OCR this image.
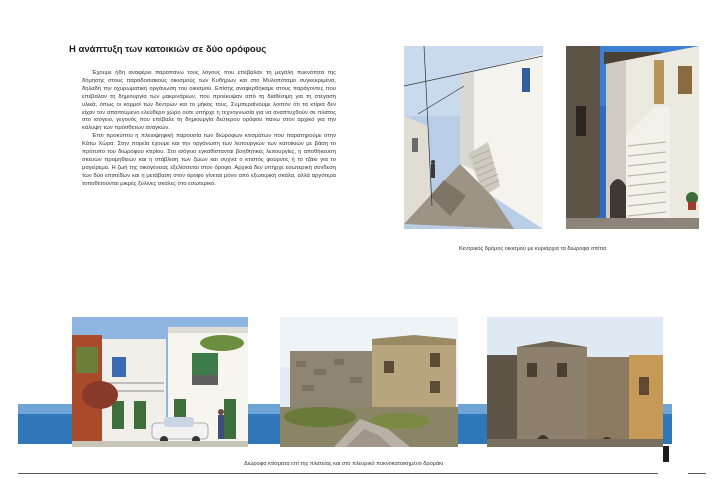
Η ανάπτυξη των κατοικιών σε δύο ορόφους

Έχουμε ήδη αναφέρει παραπάνω τους λόγους που επέβαλαν τη μεγάλη πυκνότητα της δόμησης στους παραδοσιακούς οικισμούς των Κυθήρων και στο Μυλοπόταμο συγκεκριμένα, δηλαδή την οχυρωματική οργάνωση του οικισμού. Επίσης αναφερθήκαμε στους παράγοντες που επέβαλαν τη δημιουργία των μακρινάριων, που προέκυψαν από τη διαθέσιμη για τη στέγαση υλικά, όπως οι κορμοί των δέντρων και το μήκος τους. Συμπεραίνουμε λοιπόν ότι τα κτίρια δεν είχαν τον απαιτούμενο ελεύθερο χώρο ούτε υπήρχε η τεχνογνωσία για να αναπτυχθούν σε πλάτος στο ισόγειο, γεγονός που επέβαλε τη δημιουργία δεύτερου ορόφου πάνω στον αρχικό για την κάλυψη των πρόσθετων αναγκών.

Έτσι προκύπτει η πλειοψηφική παρουσία των διώροφων κτισμάτων που παρατηρούμε στην Κάτω Χώρα. Στην πορεία έχουμε και την οργάνωση των λειτουργιών των κατοικιών με βάση το πρότυπο του διώροφου κτιρίου. Στο ισόγειο εγκαθίστανται βοηθητικές λειτουργίες, η αποθήκευση σκευών προμηθειών και η στάβλιση των ζώων και συχνά ο κτιστός φούρνος ή το τζάκι για το μαγείρεμα. Η ζωή της οικογένειας εξελίσσεται στον όροφο. Αρχικά δεν υπήρχε εσωτερική σύνδεση των δύο επιπέδων και η μετάβαση στον όροφο γίνεται μόνο από εξωτερική σκάλα, αλλά αργότερα τοποθετούνται μικρές ξύλινες σκάλες στο εσωτερικό.

Κεντρικός δρόμος οικισμού με κυριάρχια τα διώροφα σπίτια
Διώροφα κτίσματα επί της πλατείας και στο πλευρικό πυκνοκατοικημένο δρομάκι
